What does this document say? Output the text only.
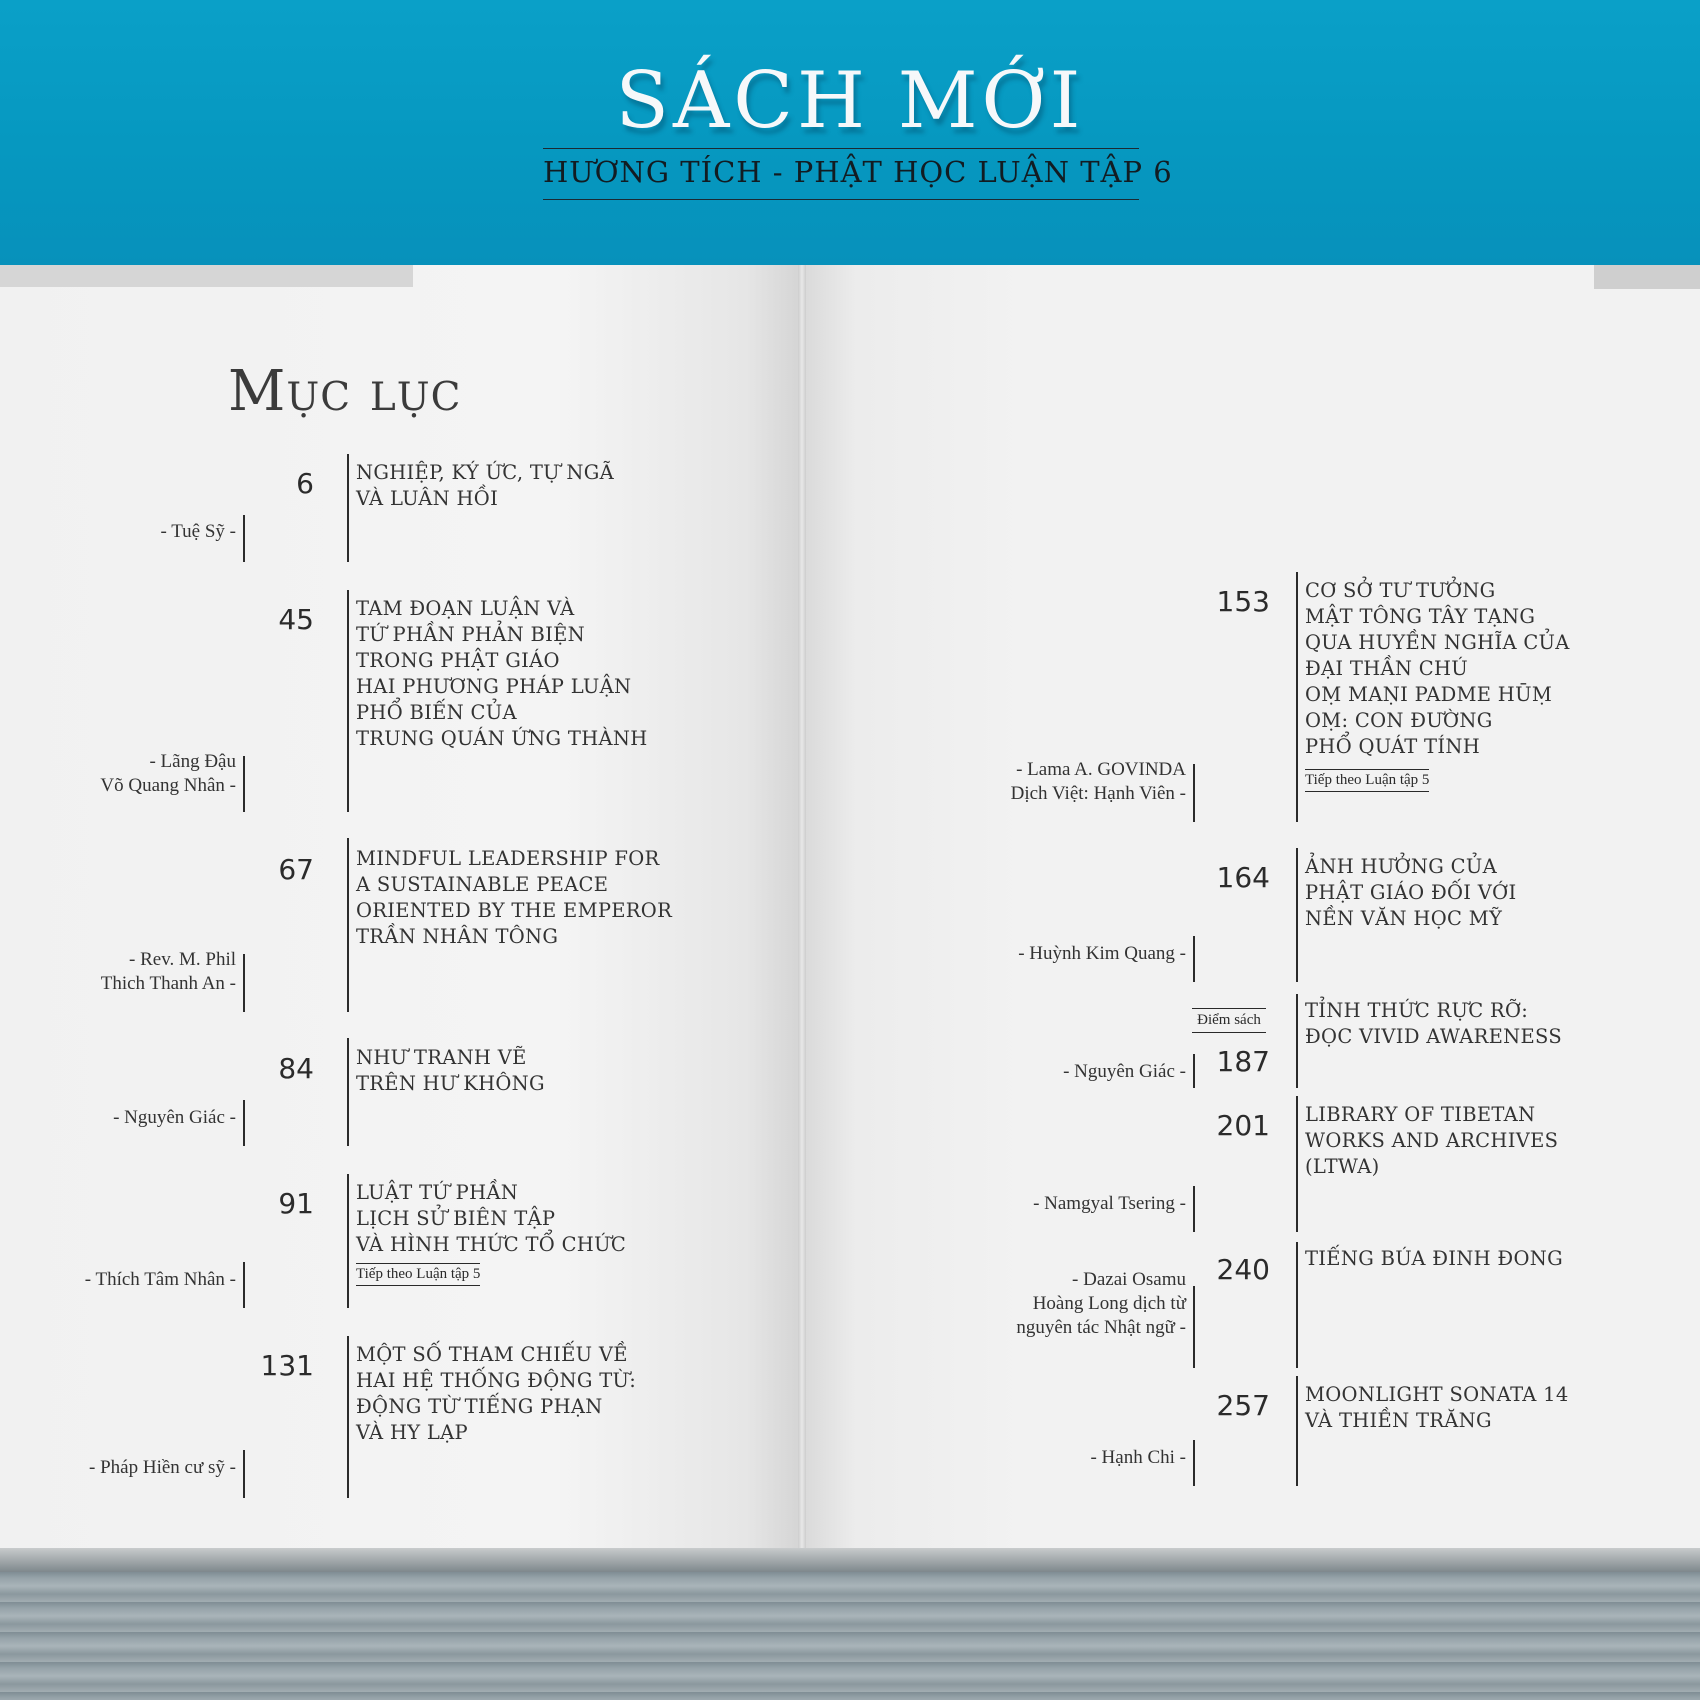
SÁCH MỚI
HƯƠNG TÍCH - PHẬT HỌC LUẬN TẬP 6
Mục lục
6 NGHIỆP, KÝ ỨC, TỰ NGÃ
VÀ LUÂN HỒI
- Tuệ Sỹ -
45 TAM ĐOẠN LUẬN VÀ
TỨ PHẦN PHẢN BIỆN
TRONG PHẬT GIÁO
HAI PHƯƠNG PHÁP LUẬN
PHỔ BIẾN CỦA
TRUNG QUÁN ỨNG THÀNH
- Lãng Đậu
Võ Quang Nhân -
67 MINDFUL LEADERSHIP FOR
A SUSTAINABLE PEACE
ORIENTED BY THE EMPEROR
TRẦN NHÂN TÔNG
- Rev. M. Phil
Thich Thanh An -
84 NHƯ TRANH VẼ
TRÊN HƯ KHÔNG
- Nguyên Giác -
91 LUẬT TỨ PHẦN
LỊCH SỬ BIÊN TẬP
VÀ HÌNH THỨC TỔ CHỨC
Tiếp theo Luận tập 5
- Thích Tâm Nhân -
131 MỘT SỐ THAM CHIẾU VỀ
HAI HỆ THỐNG ĐỘNG TỪ:
ĐỘNG TỪ TIẾNG PHẠN
VÀ HY LẠP
- Pháp Hiền cư sỹ -
153 CƠ SỞ TƯ TƯỞNG
MẬT TÔNG TÂY TẠNG
QUA HUYỀN NGHĨA CỦA
ĐẠI THẦN CHÚ
OṂ MAṆI PADME HŪṂ
OṂ: CON ĐƯỜNG
PHỔ QUÁT TÍNH
Tiếp theo Luận tập 5
- Lama A. GOVINDA
Dịch Việt: Hạnh Viên -
164 ẢNH HƯỞNG CỦA
PHẬT GIÁO ĐỐI VỚI
NỀN VĂN HỌC MỸ
- Huỳnh Kim Quang -
187
TỈNH THỨC RỰC RỠ:
ĐỌC VIVID AWARENESS
Điểm sách
- Nguyên Giác -
201 LIBRARY OF TIBETAN
WORKS AND ARCHIVES
(LTWA)
- Namgyal Tsering -
240 TIẾNG BÚA ĐINH ĐONG
- Dazai Osamu
Hoàng Long dịch từ
nguyên tác Nhật ngữ -
257 MOONLIGHT SONATA 14
VÀ THIỀN TRĂNG
- Hạnh Chi -
